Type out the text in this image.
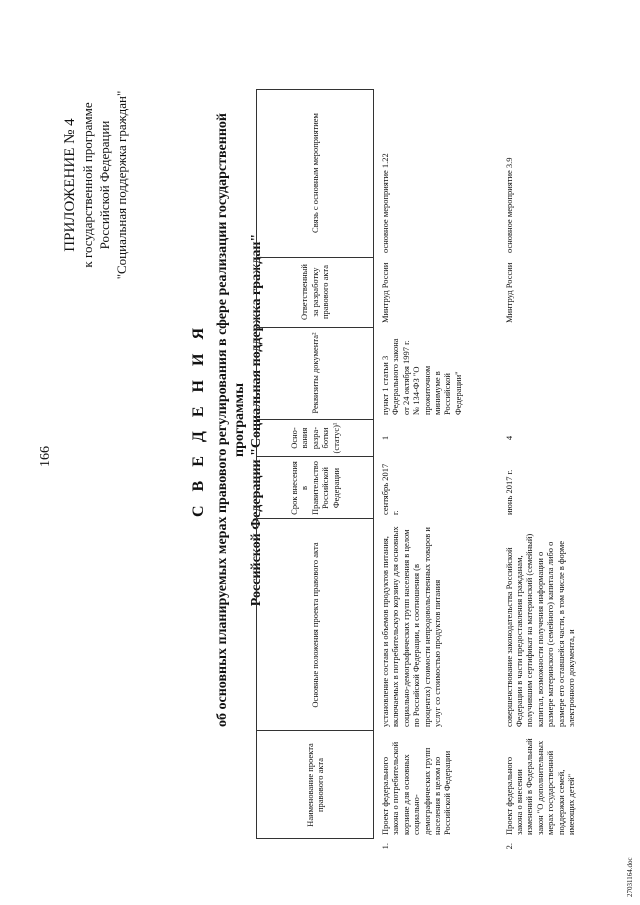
166
ПРИЛОЖЕНИЕ № 4 к государственной программе Российской Федерации "Социальная поддержка граждан"
С В Е Д Е Н И Я об основных планируемых мерах правового регулирования в сфере реализации государственной программы Российской Федерации "Социальная поддержка граждан"
	Наименование проекта правового акта	Основные положения проекта правового акта	Срок внесения в Правительство Российской Федерации	Осно- вания разра- ботки (статус)¹	Реквизиты документа²	Ответственный за разработку правового акта	Связь с основным мероприятием
1.	Проект федерального закона о потребительской корзине для основных социально-демографических групп населения в целом по Российской Федерации	установление состава и объемов продуктов питания, включаемых в потребительскую корзину для основных социально-демографических групп населения в целом по Российской Федерации, и соотношения (в процентах) стоимости непродовольственных товаров и услуг со стоимостью продуктов питания	сентябрь 2017 г.	1	пункт 1 статьи 3 Федерального закона от 24 октября 1997 г. № 134-ФЗ "О прожиточном минимуме в Российской Федерации"	Минтруд России	основное мероприятие 1.22
2.	Проект федерального закона о внесении изменений в Федеральный закон "О дополнительных мерах государственной поддержки семей, имеющих детей"	совершенствование законодательства Российской Федерации в части предоставления гражданам, получившим сертификат на материнский (семейный) капитал, возможности получения информации о размере материнского (семейного) капитала либо о размере его оставшейся части, в том числе в форме электронного документа, и	июнь 2017 г.	4		Минтруд России	основное мероприятие 3.9
27031164.doc
